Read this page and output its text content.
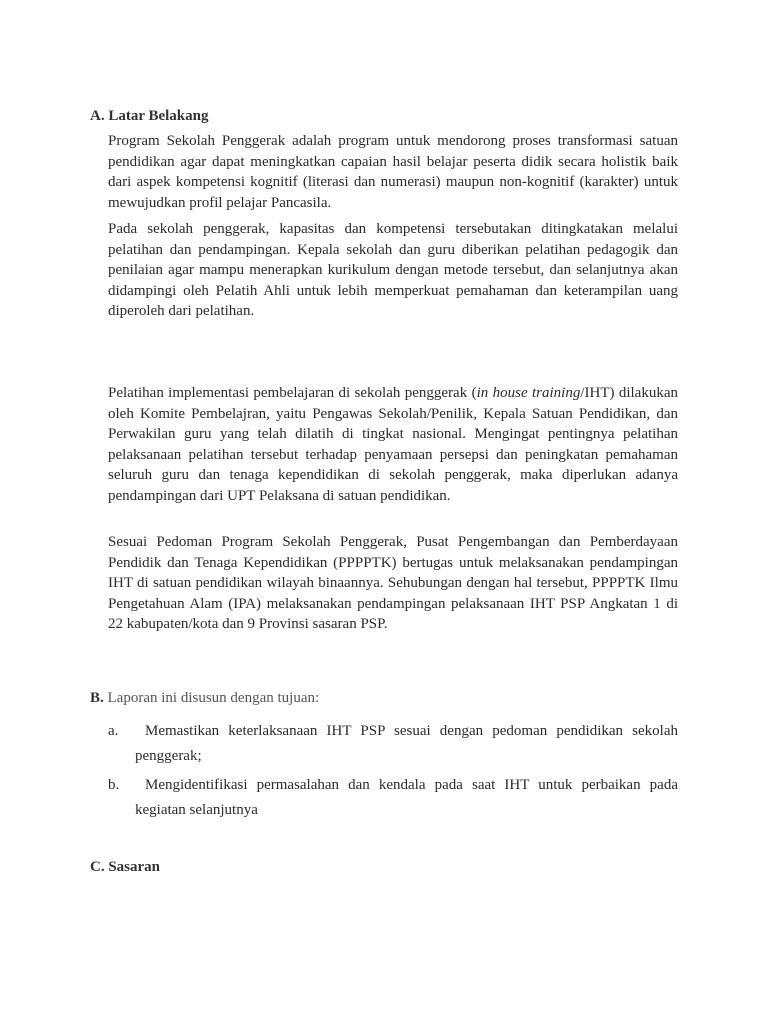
A. Latar Belakang

Program Sekolah Penggerak adalah program untuk mendorong proses transformasi satuan pendidikan agar dapat meningkatkan capaian hasil belajar peserta didik secara holistik baik dari aspek kompetensi kognitif (literasi dan numerasi) maupun non-kognitif (karakter) untuk mewujudkan profil pelajar Pancasila.

Pada sekolah penggerak, kapasitas dan kompetensi tersebutakan ditingkatakan melalui pelatihan dan pendampingan. Kepala sekolah dan guru diberikan pelatihan pedagogik dan penilaian agar mampu menerapkan kurikulum dengan metode tersebut, dan selanjutnya akan didampingi oleh Pelatih Ahli untuk lebih memperkuat pemahaman dan keterampilan uang diperoleh dari pelatihan.

Pelatihan implementasi pembelajaran di sekolah penggerak (in house training/IHT) dilakukan oleh Komite Pembelajran, yaitu Pengawas Sekolah/Penilik, Kepala Satuan Pendidikan, dan Perwakilan guru yang telah dilatih di tingkat nasional. Mengingat pentingnya pelatihan pelaksanaan pelatihan tersebut terhadap penyamaan persepsi dan peningkatan pemahaman seluruh guru dan tenaga kependidikan di sekolah penggerak, maka diperlukan adanya pendampingan dari UPT Pelaksana di satuan pendidikan.

Sesuai Pedoman Program Sekolah Penggerak, Pusat Pengembangan dan Pemberdayaan Pendidik dan Tenaga Kependidikan (PPPPTK) bertugas untuk melaksanakan pendampingan IHT di satuan pendidikan wilayah binaannya. Sehubungan dengan hal tersebut, PPPPTK Ilmu Pengetahuan Alam (IPA) melaksanakan pendampingan pelaksanaan IHT PSP Angkatan 1 di 22 kabupaten/kota dan 9 Provinsi sasaran PSP.

B. Laporan ini disusun dengan tujuan:
a.	Memastikan keterlaksanaan IHT PSP sesuai dengan pedoman pendidikan sekolah penggerak;
b.	Mengidentifikasi permasalahan dan kendala pada saat IHT untuk perbaikan pada kegiatan selanjutnya
C. Sasaran
